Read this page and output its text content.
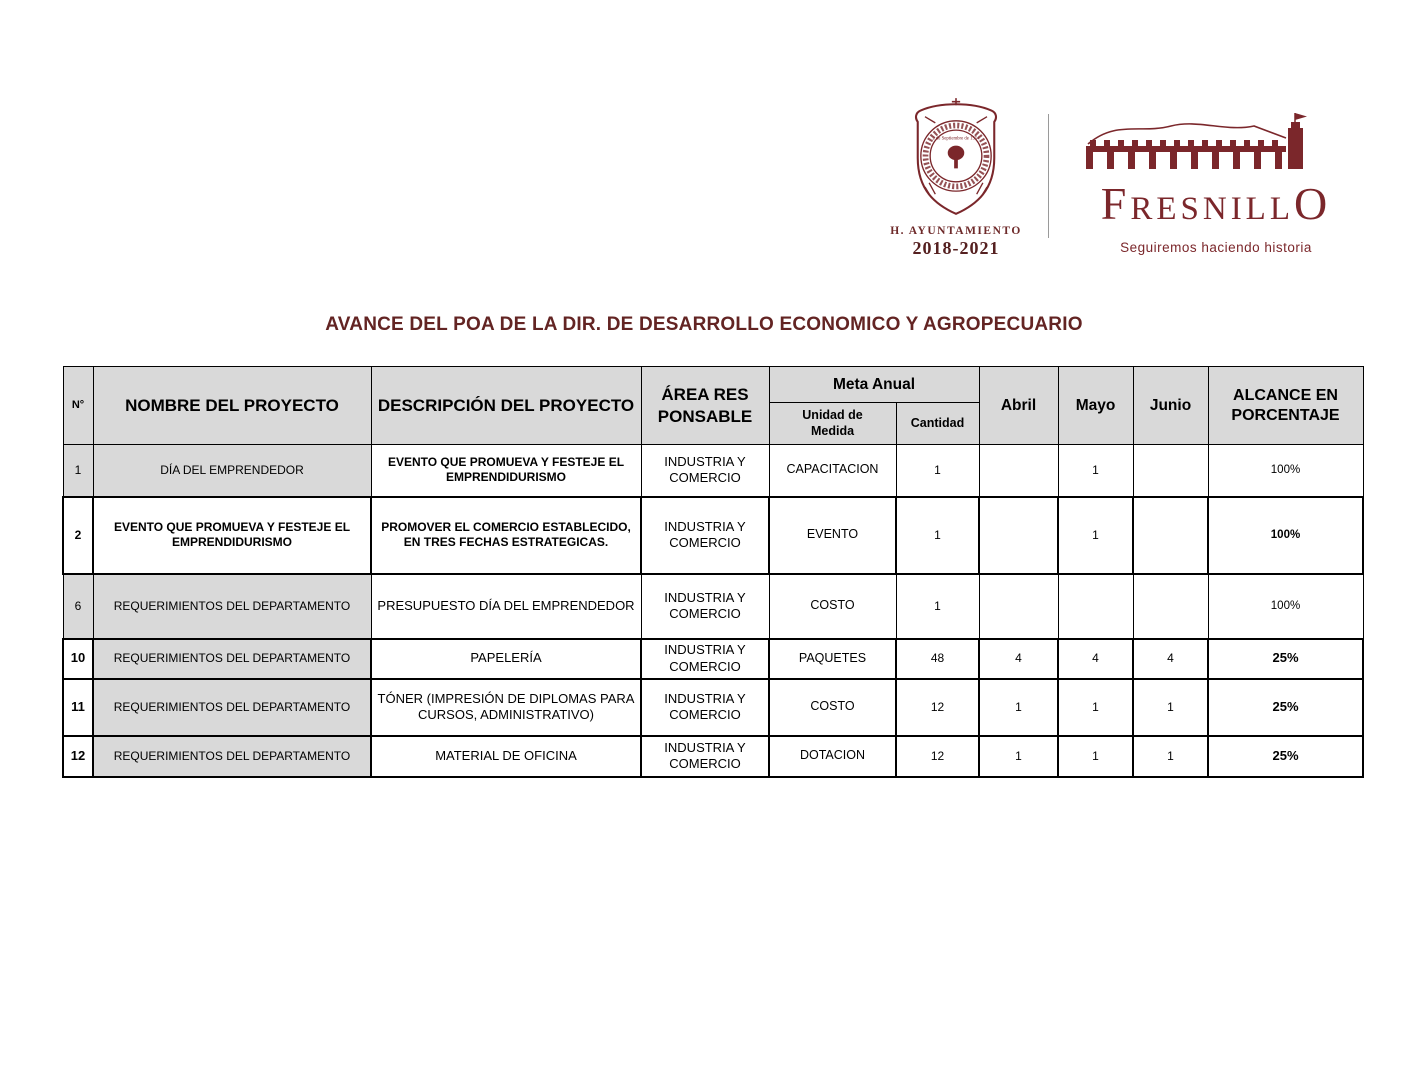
2 de Septiembre de 1554
H. AYUNTAMIENTO
2018-2021
FRESNILLO
Seguiremos haciendo historia
AVANCE DEL POA DE LA DIR. DE DESARROLLO ECONOMICO Y AGROPECUARIO
N°	NOMBRE DEL PROYECTO	DESCRIPCIÓN DEL PROYECTO	ÁREA RESPONSABLE	Meta Anual		Abril	Mayo	Junio	ALCANCE EN PORCENTAJE
				Unidad de Medida	Cantidad				
1	DÍA DEL EMPRENDEDOR	EVENTO QUE PROMUEVA Y FESTEJE EL EMPRENDIDURISMO	INDUSTRIA Y COMERCIO	CAPACITACION	1		1		100%
2	EVENTO QUE PROMUEVA Y FESTEJE EL EMPRENDIDURISMO	PROMOVER EL COMERCIO ESTABLECIDO, EN TRES FECHAS ESTRATEGICAS.	INDUSTRIA Y COMERCIO	EVENTO	1		1		100%
6	REQUERIMIENTOS DEL DEPARTAMENTO	PRESUPUESTO DÍA DEL EMPRENDEDOR	INDUSTRIA Y COMERCIO	COSTO	1				100%
10	REQUERIMIENTOS DEL DEPARTAMENTO	PAPELERÍA	INDUSTRIA Y COMERCIO	PAQUETES	48	4	4	4	25%
11	REQUERIMIENTOS DEL DEPARTAMENTO	TÓNER (IMPRESIÓN DE DIPLOMAS PARA CURSOS, ADMINISTRATIVO)	INDUSTRIA Y COMERCIO	COSTO	12	1	1	1	25%
12	REQUERIMIENTOS DEL DEPARTAMENTO	MATERIAL DE OFICINA	INDUSTRIA Y COMERCIO	DOTACION	12	1	1	1	25%
